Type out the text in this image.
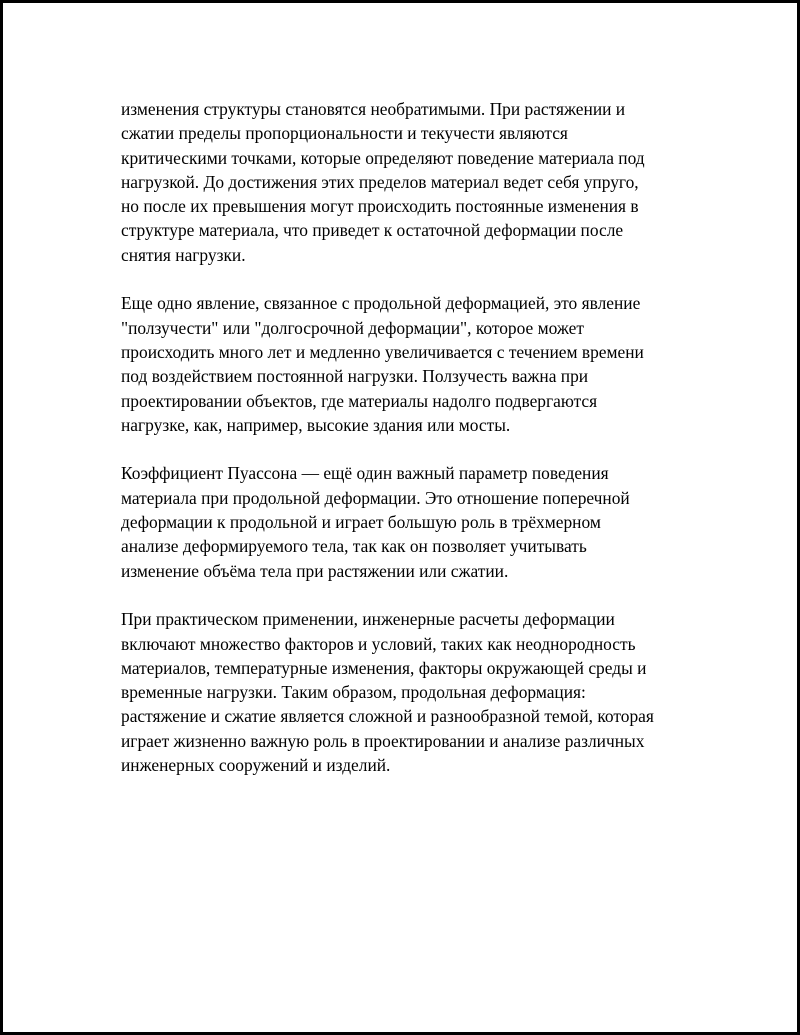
изменения структуры становятся необратимыми. При растяжении и
сжатии пределы пропорциональности и текучести являются
критическими точками, которые определяют поведение материала под
нагрузкой. До достижения этих пределов материал ведет себя упруго,
но после их превышения могут происходить постоянные изменения в
структуре материала, что приведет к остаточной деформации после
снятия нагрузки.

Еще одно явление, связанное с продольной деформацией, это явление
"ползучести" или "долгосрочной деформации", которое может
происходить много лет и медленно увеличивается с течением времени
под воздействием постоянной нагрузки. Ползучесть важна при
проектировании объектов, где материалы надолго подвергаются
нагрузке, как, например, высокие здания или мосты.

Коэффициент Пуассона — ещё один важный параметр поведения
материала при продольной деформации. Это отношение поперечной
деформации к продольной и играет большую роль в трёхмерном
анализе деформируемого тела, так как он позволяет учитывать
изменение объёма тела при растяжении или сжатии.

При практическом применении, инженерные расчеты деформации
включают множество факторов и условий, таких как неоднородность
материалов, температурные изменения, факторы окружающей среды и
временные нагрузки. Таким образом, продольная деформация:
растяжение и сжатие является сложной и разнообразной темой, которая
играет жизненно важную роль в проектировании и анализе различных
инженерных сооружений и изделий.
